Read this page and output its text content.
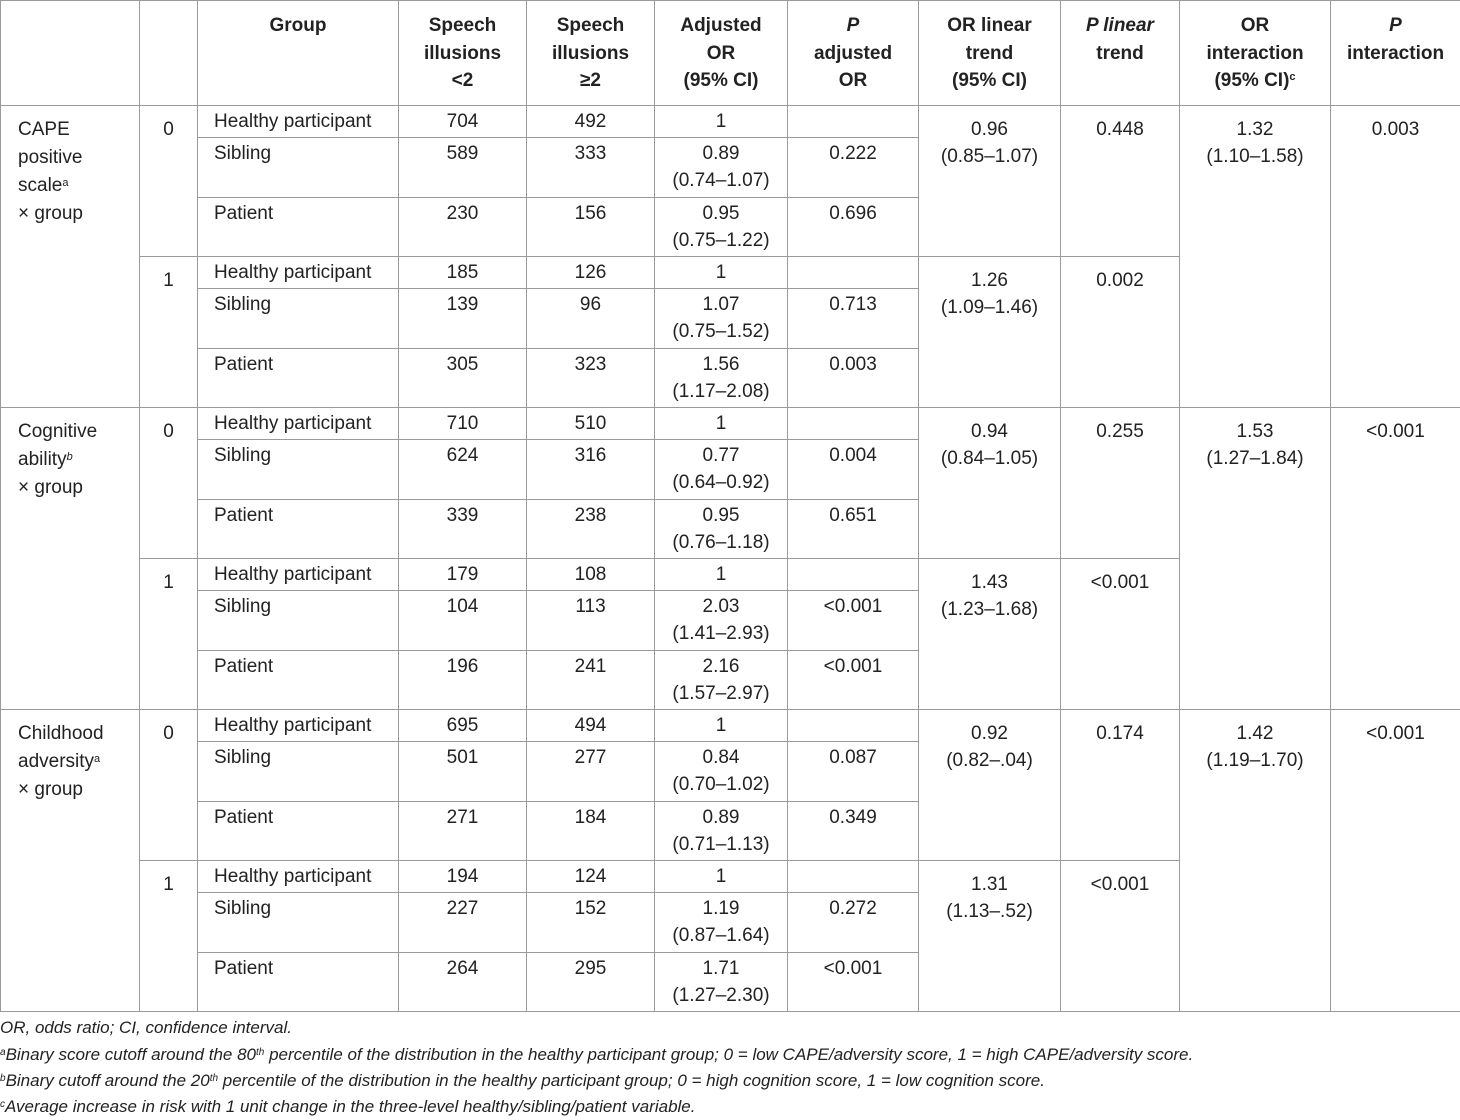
		Group	Speech
illusions
<2	Speech
illusions
≥2	Adjusted
OR
(95% CI)	P
adjusted
OR	OR linear
trend
(95% CI)	P linear
trend	OR
interaction
(95% CI)$^c$	P
interaction
CAPE
positive
scale$^a$
× group	0	Healthy participant	704	492	1		0.96
(0.85–1.07)	0.448	1.32
(1.10–1.58)	0.003
		Sibling	589	333	0.89
(0.74–1.07)	0.222				
		Patient	230	156	0.95
(0.75–1.22)	0.696				
	1	Healthy participant	185	126	1		1.26
(1.09–1.46)	0.002		
		Sibling	139	96	1.07
(0.75–1.52)	0.713				
		Patient	305	323	1.56
(1.17–2.08)	0.003				
Cognitive
ability$^b$
× group	0	Healthy participant	710	510	1		0.94
(0.84–1.05)	0.255	1.53
(1.27–1.84)	<0.001
		Sibling	624	316	0.77
(0.64–0.92)	0.004				
		Patient	339	238	0.95
(0.76–1.18)	0.651				
	1	Healthy participant	179	108	1		1.43
(1.23–1.68)	<0.001		
		Sibling	104	113	2.03
(1.41–2.93)	<0.001				
		Patient	196	241	2.16
(1.57–2.97)	<0.001				
Childhood
adversity$^a$
× group	0	Healthy participant	695	494	1		0.92
(0.82–.04)	0.174	1.42
(1.19–1.70)	<0.001
		Sibling	501	277	0.84
(0.70–1.02)	0.087				
		Patient	271	184	0.89
(0.71–1.13)	0.349				
	1	Healthy participant	194	124	1		1.31
(1.13–.52)	<0.001		
		Sibling	227	152	1.19
(0.87–1.64)	0.272				
		Patient	264	295	1.71
(1.27–2.30)	<0.001				
OR, odds ratio; CI, confidence interval.
$^a$Binary score cutoff around the 80th percentile of the distribution in the healthy participant group; 0 = low CAPE/adversity score, 1 = high CAPE/adversity score.
$^b$Binary cutoff around the 20th percentile of the distribution in the healthy participant group; 0 = high cognition score, 1 = low cognition score.
$^c$Average increase in risk with 1 unit change in the three-level healthy/sibling/patient variable.
